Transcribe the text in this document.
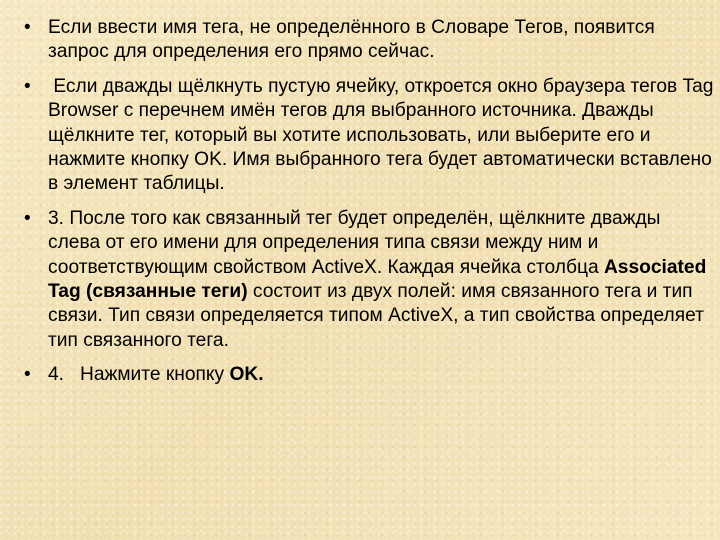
• Если ввести имя тега, не определённого в Словаре Тегов, появится запрос для определения его прямо сейчас.
• Если дважды щёлкнуть пустую ячейку, откроется окно браузера тегов Tag Browser с перечнем имён тегов для выбранного источника. Дважды щёлкните тег, который вы хотите использовать, или выберите его и нажмите кнопку OK. Имя выбранного тега будет автоматически вставлено в элемент таблицы.
• 3. После того как связанный тег будет определён, щёлкните дважды слева от его имени для определения типа связи между ним и соответствующим свойством ActiveX. Каждая ячейка столбца Associated Tag (связанные теги) состоит из двух полей: имя связанного тега и тип связи. Тип связи определяется типом ActiveX, а тип свойства определяет тип связанного тега.
• 4.   Нажмите кнопку OK.
